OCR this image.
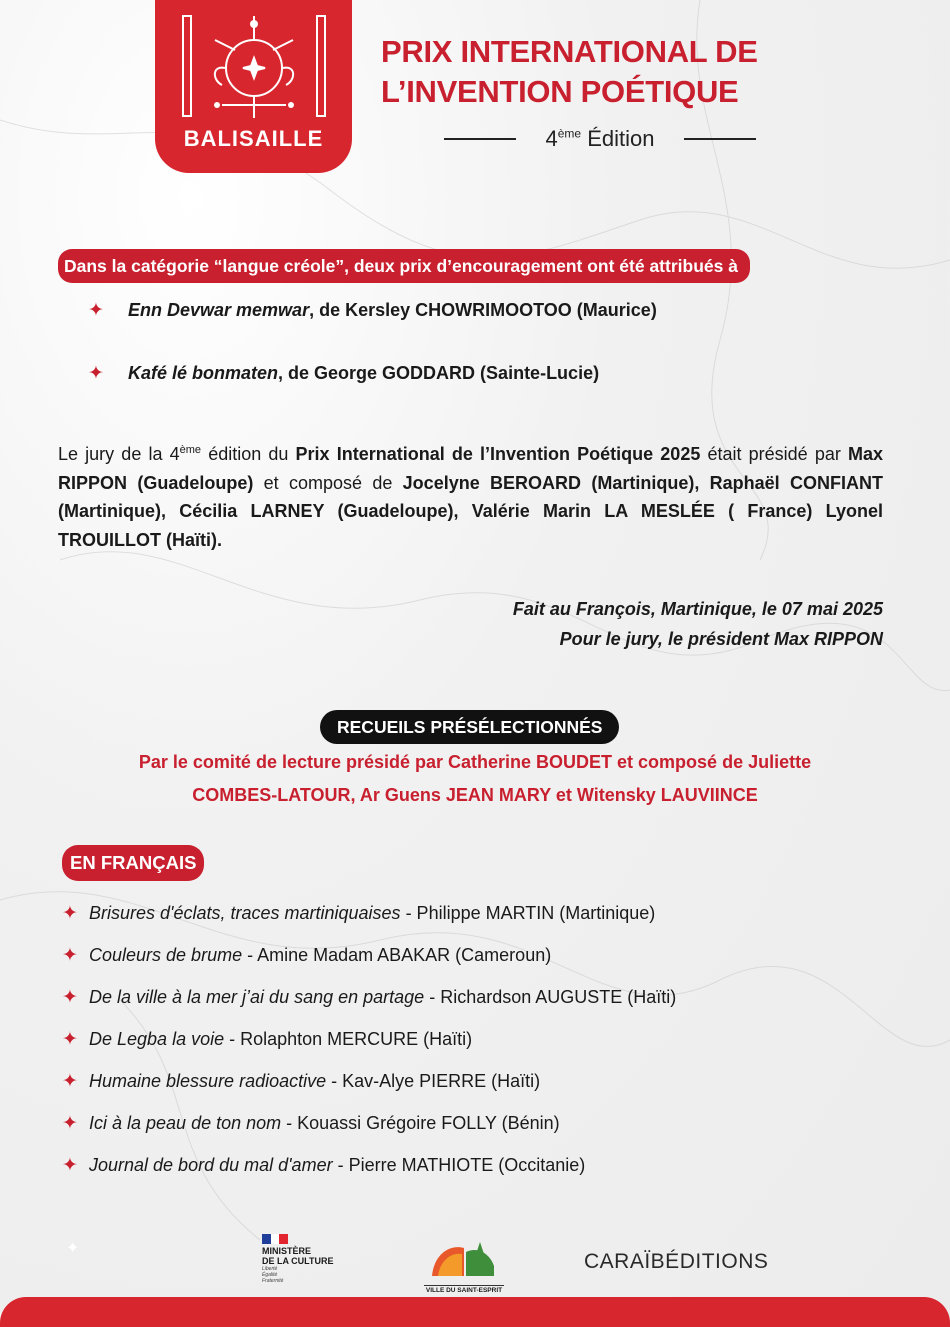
BALISAILLE
PRIX INTERNATIONAL DE
L’INVENTION POÉTIQUE
4ème Édition
Dans la catégorie “langue créole”, deux prix d’encouragement ont été attribués à
✦ Enn Devwar memwar, de Kersley CHOWRIMOOTOO (Maurice)
✦ Kafé lé bonmaten, de George GODDARD (Sainte-Lucie)
Le jury de la 4ème édition du Prix International de l’Invention Poétique 2025 était présidé par Max RIPPON (Guadeloupe) et composé de Jocelyne BEROARD (Martinique), Raphaël CONFIANT (Martinique), Cécilia LARNEY (Guadeloupe), Valérie Marin LA MESLÉE ( France) Lyonel TROUILLOT (Haïti).
Fait au François, Martinique, le 07 mai 2025
Pour le jury, le président Max RIPPON
RECUEILS PRÉSÉLECTIONNÉS
Par le comité de lecture présidé par Catherine BOUDET et composé de Juliette
COMBES-LATOUR, Ar Guens JEAN MARY et Witensky LAUVIINCE
EN FRANÇAIS
✦ Brisures d'éclats, traces martiniquaises - Philippe MARTIN (Martinique)
✦ Couleurs de brume - Amine Madam ABAKAR (Cameroun)
✦ De la ville à la mer j’ai du sang en partage - Richardson AUGUSTE (Haïti)
✦ De Legba la voie - Rolaphton MERCURE (Haïti)
✦ Humaine blessure radioactive - Kav-Alye PIERRE (Haïti)
✦ Ici à la peau de ton nom - Kouassi Grégoire FOLLY (Bénin)
✦ Journal de bord du mal d'amer - Pierre MATHIOTE (Occitanie)
✦	MINISTÈRE
DE LA CULTURE
Liberté
Égalité
Fraternité
VILLE DU SAINT-ESPRIT
CARAÏBÉDITIONS
